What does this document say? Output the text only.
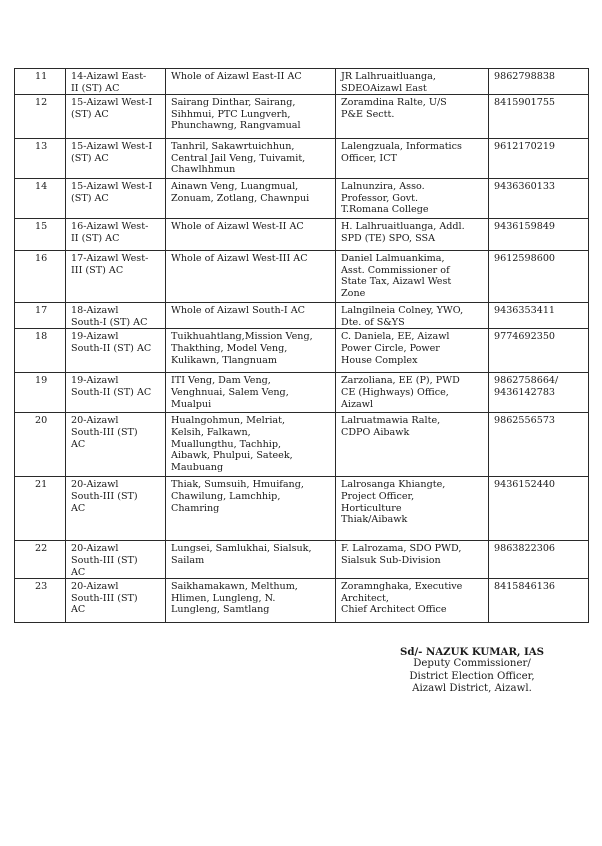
11	14-Aizawl East-
II (ST) AC	Whole of Aizawl East-II AC	JR Lalhruaitluanga,
SDEOAizawl East	9862798838

12	15-Aizawl West-I
(ST) AC	Sairang Dinthar, Sairang,
Sihhmui, PTC Lungverh,
Phunchawng, Rangvamual	Zoramdina Ralte, U/S
P&E Sectt.	8415901755

13	15-Aizawl West-I
(ST) AC	Tanhril, Sakawrtuichhun,
Central Jail Veng, Tuivamit,
Chawlhhmun	Lalengzuala, Informatics
Officer, ICT	9612170219

14	15-Aizawl West-I
(ST) AC	Ainawn Veng, Luangmual,
Zonuam, Zotlang, Chawnpui	Lalnunzira, Asso.
Professor, Govt.
T.Romana College	9436360133

15	16-Aizawl West-
II (ST) AC	Whole of Aizawl West-II AC	H. Lalhruaitluanga, Addl.
SPD (TE) SPO, SSA	9436159849

16	17-Aizawl West-
III (ST) AC	Whole of Aizawl West-III AC	Daniel Lalmuankima,
Asst. Commissioner of
State Tax, Aizawl West
Zone	9612598600

17	18-Aizawl
South-I (ST) AC	Whole of Aizawl South-I AC	Lalngilneia Colney, YWO,
Dte. of S&YS	9436353411

18	19-Aizawl
South-II (ST) AC	Tuikhuahtlang,Mission Veng,
Thakthing, Model Veng,
Kulikawn, Tlangnuam	C. Daniela, EE, Aizawl
Power Circle, Power
House Complex	9774692350

19	19-Aizawl
South-II (ST) AC	ITI Veng, Dam Veng,
Venghnuai, Salem Veng,
Mualpui	Zarzoliana, EE (P), PWD
CE (Highways) Office,
Aizawl	9862758664/
9436142783

20	20-Aizawl
South-III (ST)
AC	Hualngohmun, Melriat,
Kelsih, Falkawn,
Muallungthu, Tachhip,
Aibawk, Phulpui, Sateek,
Maubuang	Lalruatmawia Ralte,
CDPO Aibawk	9862556573

21	20-Aizawl
South-III (ST)
AC	Thiak, Sumsuih, Hmuifang,
Chawilung, Lamchhip,
Chamring	Lalrosanga Khiangte,
Project Officer,
Horticulture
Thiak/Aibawk	9436152440

22	20-Aizawl
South-III (ST)
AC	Lungsei, Samlukhai, Sialsuk,
Sailam	F. Lalrozama, SDO PWD,
Sialsuk Sub-Division	9863822306

23	20-Aizawl
South-III (ST)
AC	Saikhamakawn, Melthum,
Hlimen, Lungleng, N.
Lungleng, Samtlang	Zoramnghaka, Executive
Architect,
Chief Architect Office	8415846136
Sd/- NAZUK KUMAR, IAS
Deputy Commissioner/
District Election Officer,
Aizawl District, Aizawl.
